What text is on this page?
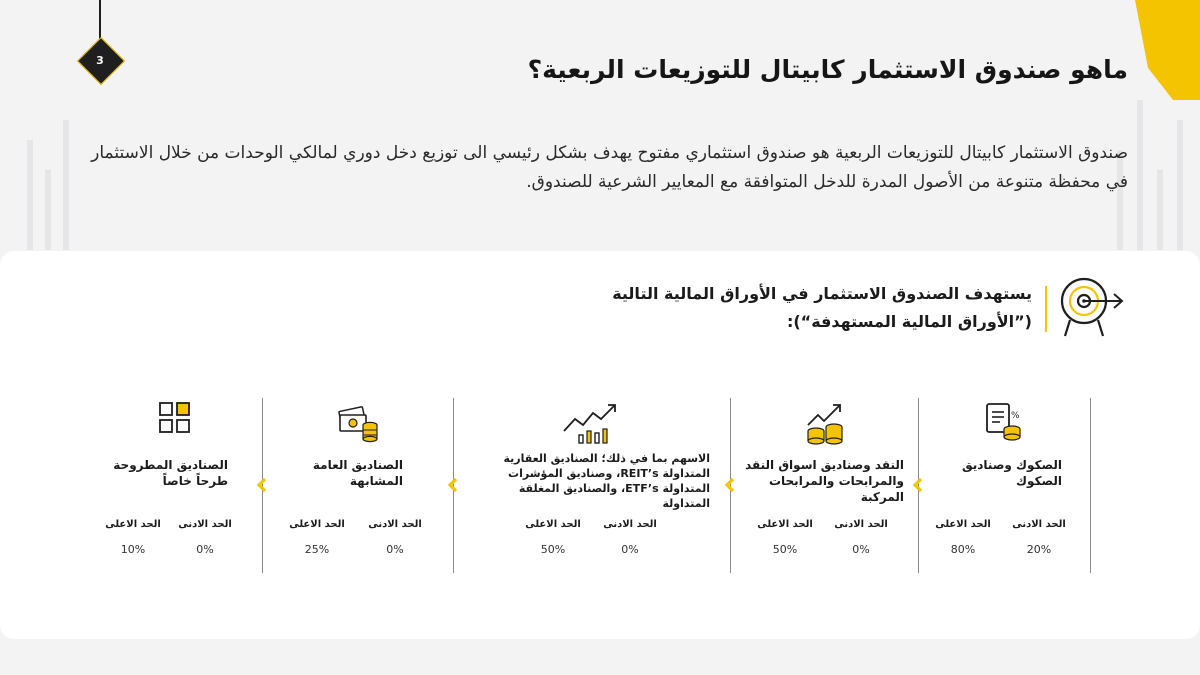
3	ماهو صندوق الاستثمار كابيتال للتوزيعات الربعية؟
صندوق الاستثمار كابيتال للتوزيعات الربعية هو صندوق استثماري مفتوح يهدف بشكل رئيسي الى توزيع دخل دوري لمالكي الوحدات من خلال الاستثمار في محفظة متنوعة من الأصول المدرة للدخل المتوافقة مع المعايير الشرعية للصندوق.
يستهدف الصندوق الاستثمار في الأوراق المالية التالية
(”الأوراق المالية المستهدفة“):
%
الصكوك وصناديق الصكوك
الحد الادنى
الحد الاعلى
20%
80%
النقد وصناديق اسواق النقد والمرابحات والمرابحات المركبة
الحد الادنى
الحد الاعلى
0%
50%
الاسهم بما في ذلك؛ الصناديق العقارية المتداولة REIT’s، وصناديق المؤشرات المتداولة ETF’s، والصناديق المغلقة المتداولة
الحد الادنى
الحد الاعلى
0%
50%
الصناديق العامة المشابهة
الحد الادنى
الحد الاعلى
0%
25%
الصناديق المطروحة طرحاً خاصاً
الحد الادنى
الحد الاعلى
0%
10%
